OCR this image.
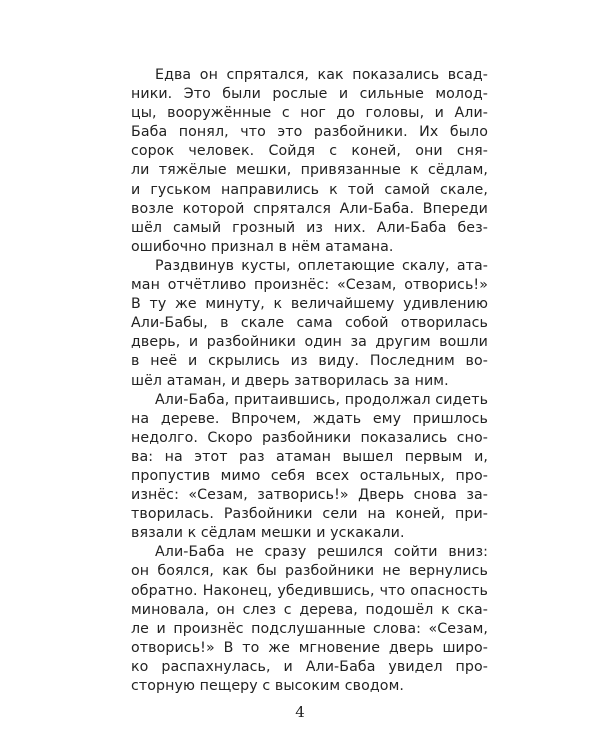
Едва он спрятался, как показались всад-
ники. Это были рослые и сильные молод-
цы, вооружённые с ног до головы, и Али-
Баба понял, что это разбойники. Их было
сорок человек. Сойдя с коней, они сня-
ли тяжёлые мешки, привязанные к сёдлам,
и гуськом направились к той самой скале,
возле которой спрятался Али-Баба. Впереди
шёл самый грозный из них. Али-Баба без-
ошибочно признал в нём атамана.
Раздвинув кусты, оплетающие скалу, ата-
ман отчётливо произнёс: «Сезам, отворись!»
В ту же минуту, к величайшему удивлению
Али-Бабы, в скале сама собой отворилась
дверь, и разбойники один за другим вошли
в неё и скрылись из виду. Последним во-
шёл атаман, и дверь затворилась за ним.
Али-Баба, притаившись, продолжал сидеть
на дереве. Впрочем, ждать ему пришлось
недолго. Скоро разбойники показались сно-
ва: на этот раз атаман вышел первым и,
пропустив мимо себя всех остальных, про-
изнёс: «Сезам, затворись!» Дверь снова за-
творилась. Разбойники сели на коней, при-
вязали к сёдлам мешки и ускакали.
Али-Баба не сразу решился сойти вниз:
он боялся, как бы разбойники не вернулись
обратно. Наконец, убедившись, что опасность
миновала, он слез с дерева, подошёл к ска-
ле и произнёс подслушанные слова: «Сезам,
отворись!» В то же мгновение дверь широ-
ко распахнулась, и Али-Баба увидел про-
сторную пещеру с высоким сводом.
4
